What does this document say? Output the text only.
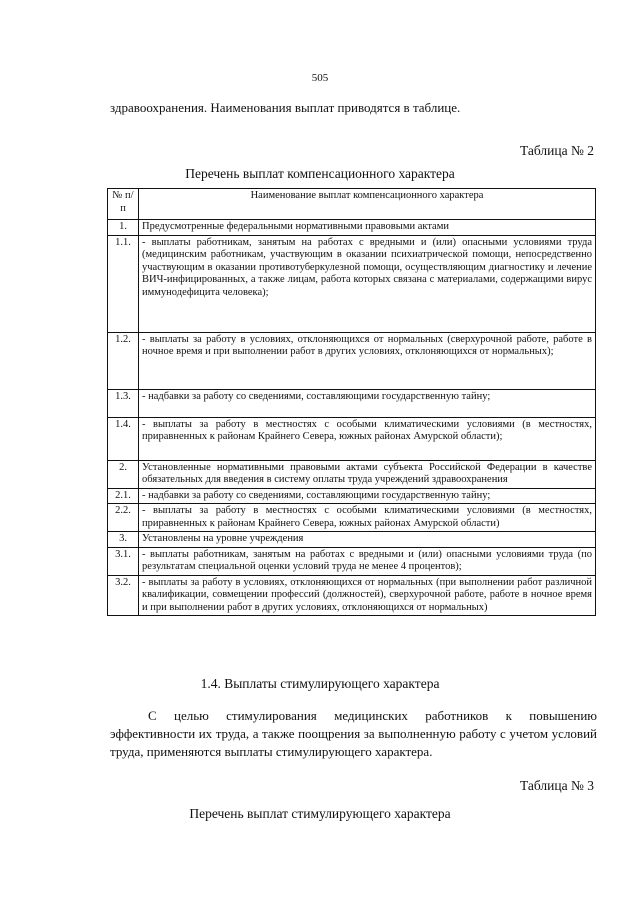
505
здравоохранения. Наименования выплат приводятся в таблице.
Таблица № 2
Перечень выплат компенсационного характера
№ п/п	Наименование выплат компенсационного характера
1.	Предусмотренные федеральными нормативными правовыми актами
1.1.	- выплаты работникам, занятым на работах с вредными и (или) опасными условиями труда (медицинским работникам, участвующим в оказании психиатрической помощи, непосредственно участвующим в оказании противотуберкулезной помощи, осуществляющим диагностику и лечение ВИЧ-инфицированных, а также лицам, работа которых связана с материалами, содержащими вирус иммунодефицита человека);
1.2.	- выплаты за работу в условиях, отклоняющихся от нормальных (сверхурочной работе, работе в ночное время и при выполнении работ в других условиях, отклоняющихся от нормальных);
1.3.	- надбавки за работу со сведениями, составляющими государственную тайну;
1.4.	- выплаты за работу в местностях с особыми климатическими условиями (в местностях, приравненных к районам Крайнего Севера, южных районах Амурской области);
2.	Установленные нормативными правовыми актами субъекта Российской Федерации в качестве обязательных для введения в систему оплаты труда учреждений здравоохранения
2.1.	- надбавки за работу со сведениями, составляющими государственную тайну;
2.2.	- выплаты за работу в местностях с особыми климатическими условиями (в местностях, приравненных к районам Крайнего Севера, южных районах Амурской области)
3.	Установлены на уровне учреждения
3.1.	- выплаты работникам, занятым на работах с вредными и (или) опасными условиями труда (по результатам специальной оценки условий труда не менее 4 процентов);
3.2.	- выплаты за работу в условиях, отклоняющихся от нормальных (при выполнении работ различной квалификации, совмещении профессий (должностей), сверхурочной работе, работе в ночное время и при выполнении работ в других условиях, отклоняющихся от нормальных)
1.4. Выплаты стимулирующего характера
С целью стимулирования медицинских работников к повышению эффективности их труда, а также поощрения за выполненную работу с учетом условий труда, применяются выплаты стимулирующего характера.
Таблица № 3
Перечень выплат стимулирующего характера
